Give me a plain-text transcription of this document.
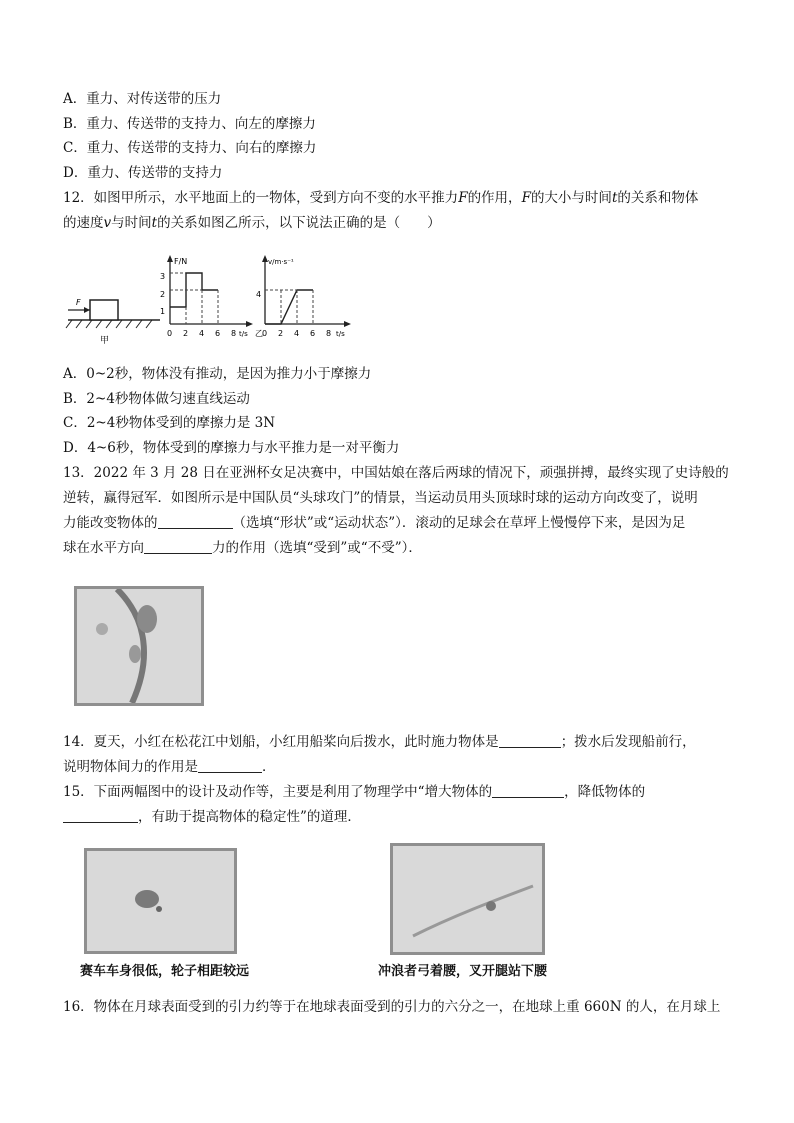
A．重力、对传送带的压力
B．重力、传送带的支持力、向左的摩擦力
C．重力、传送带的支持力、向右的摩擦力
D．重力、传送带的支持力
12．如图甲所示，水平地面上的一物体，受到方向不变的水平推力F的作用，F的大小与时间t的关系和物体
的速度v与时间t的关系如图乙所示，以下说法正确的是（　　）
F
甲
F/N
3
2
1
0 2 4 6 8 t/s
v/m·s⁻¹
4
0 2 4 6 8 t/s
乙
A．0~2秒，物体没有推动，是因为推力小于摩擦力
B．2~4秒物体做匀速直线运动
C．2~4秒物体受到的摩擦力是 3N
D．4~6秒，物体受到的摩擦力与水平推力是一对平衡力
13．2022 年 3 月 28 日在亚洲杯女足决赛中，中国姑娘在落后两球的情况下，顽强拼搏，最终实现了史诗般的
逆转，赢得冠军．如图所示是中国队员“头球攻门”的情景，当运动员用头顶球时球的运动方向改变了，说明
力能改变物体的	（选填“形状”或“运动状态”）．滚动的足球会在草坪上慢慢停下来，是因为足
球在水平方向	力的作用（选填“受到”或“不受”）．
14．夏天，小红在松花江中划船，小红用船桨向后拨水，此时施力物体是	；拨水后发现船前行，
说明物体间力的作用是	．
15．下面两幅图中的设计及动作等，主要是利用了物理学中“增大物体的	，降低物体的
，有助于提高物体的稳定性”的道理．
赛车车身很低，轮子相距较远	冲浪者弓着腰，叉开腿站下腰
16．物体在月球表面受到的引力约等于在地球表面受到的引力的六分之一，在地球上重 660N 的人，在月球上
